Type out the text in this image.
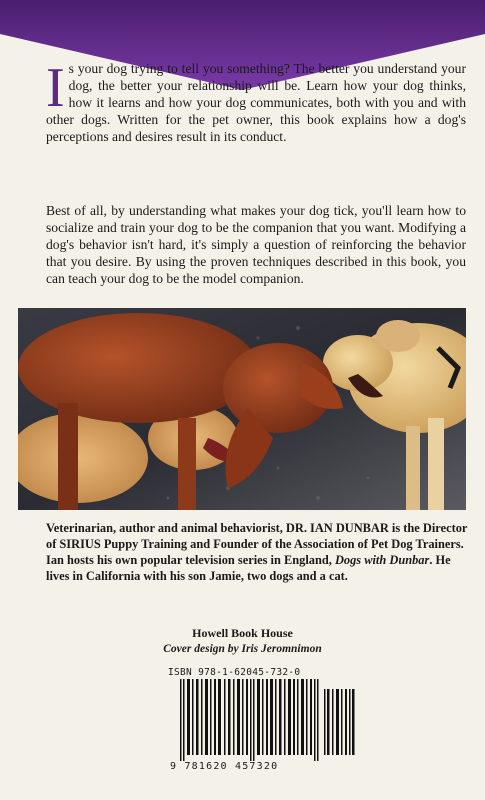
Is your dog trying to tell you something? The better you understand your dog, the better your relationship will be. Learn how your dog thinks, how it learns and how your dog communicates, both with you and with other dogs. Written for the pet owner, this book explains how a dog's perceptions and desires result in its conduct.

Best of all, by understanding what makes your dog tick, you'll learn how to socialize and train your dog to be the companion that you want. Modifying a dog's behavior isn't hard, it's simply a question of reinforcing the behavior that you desire. By using the proven techniques described in this book, you can teach your dog to be the model companion.

Veterinarian, author and animal behaviorist, DR. IAN DUNBAR is the Director of SIRIUS Puppy Training and Founder of the Association of Pet Dog Trainers. Ian hosts his own popular television series in England, Dogs with Dunbar. He lives in California with his son Jamie, two dogs and a cat.

Howell Book House

Cover design by Iris Jeromnimon

ISBN 978-1-62045-732-0
9 781620 457320
